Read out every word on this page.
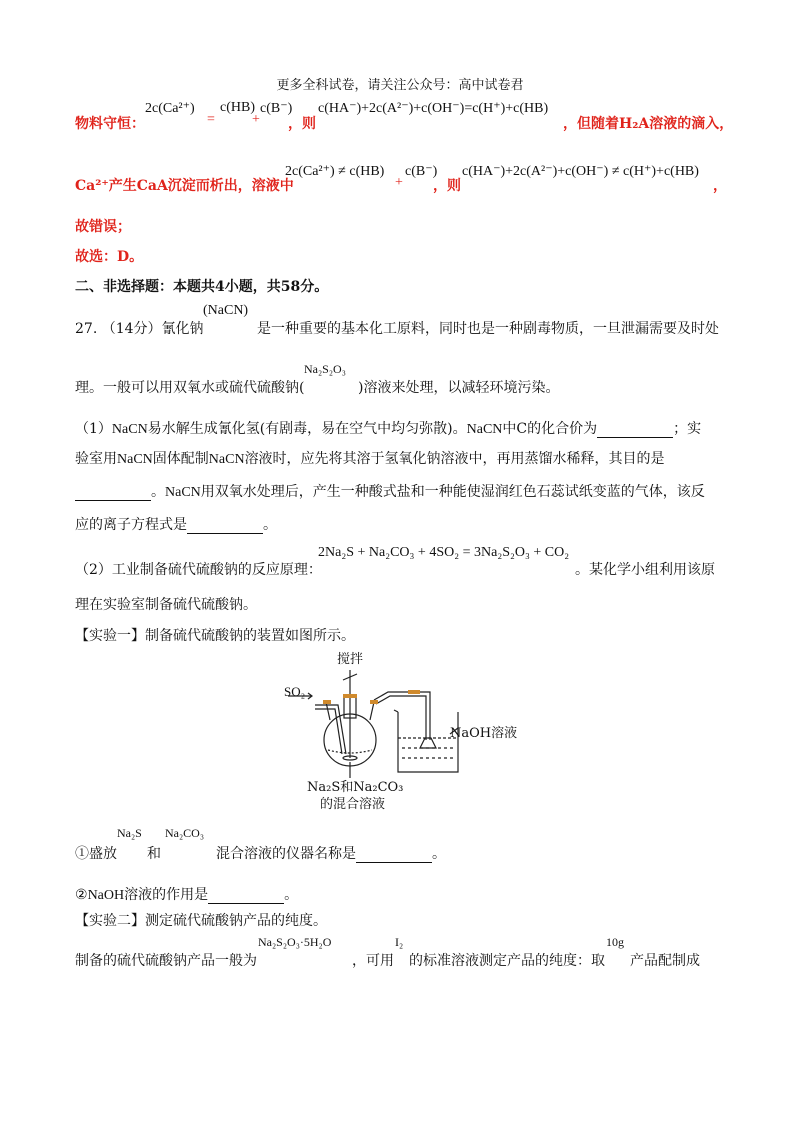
更多全科试卷，请关注公众号：高中试卷君
物料守恒：
2c(Ca²⁺)
=
c(HB)
+
c(B⁻)
，则
c(HA⁻)+2c(A²⁻)+c(OH⁻)=c(H⁺)+c(HB)
，但随着H₂A溶液的滴入，
Ca²⁺产生CaA沉淀而析出，溶液中
2c(Ca²⁺) ≠ c(HB)
+
c(B⁻)
，则
c(HA⁻)+2c(A²⁻)+c(OH⁻) ≠ c(H⁺)+c(HB)
，
故错误；
故选：D。
二、非选择题：本题共4小题，共58分。
27. （14分）氰化钠
(NaCN)
是一种重要的基本化工原料，同时也是一种剧毒物质，一旦泄漏需要及时处
理。一般可以用双氧水或硫代硫酸钠(
Na₂S₂O₃
)溶液来处理，以减轻环境污染。
（1）NaCN易水解生成氰化氢(有剧毒，易在空气中均匀弥散)。NaCN中C的化合价为	；实
验室用NaCN固体配制NaCN溶液时，应先将其溶于氢氧化钠溶液中，再用蒸馏水稀释，其目的是
。NaCN用双氧水处理后，产生一种酸式盐和一种能使湿润红色石蕊试纸变蓝的气体，该反
应的离子方程式是	。
（2）工业制备硫代硫酸钠的反应原理：
2Na₂S + Na₂CO₃ + 4SO₂ = 3Na₂S₂O₃ + CO₂
。某化学小组利用该原
理在实验室制备硫代硫酸钠。
【实验一】制备硫代硫酸钠的装置如图所示。
搅拌
SO₂
NaOH溶液
Na₂S和Na₂CO₃
的混合溶液
①盛放
Na₂S
和
Na₂CO₃
混合溶液的仪器名称是	。
②NaOH溶液的作用是	。
【实验二】测定硫代硫酸钠产品的纯度。
制备的硫代硫酸钠产品一般为
Na₂S₂O₃·5H₂O
，可用
I₂
的标准溶液测定产品的纯度：取
10g
产品配制成
